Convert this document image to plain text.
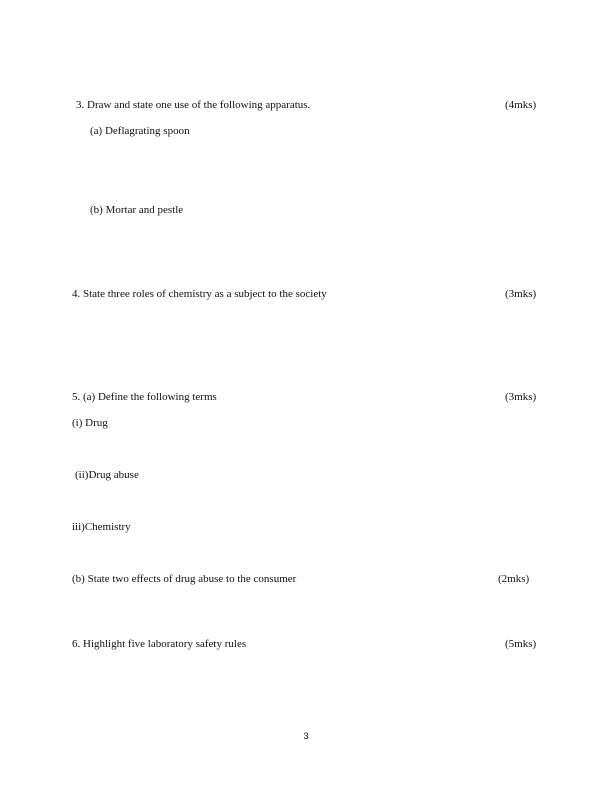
3. Draw and state one use of the following apparatus.	(4mks)
(a) Deflagrating spoon
(b) Mortar and pestle
4. State three roles of chemistry as a subject to the society	(3mks)
5. (a) Define the following terms	(3mks)
(i) Drug
(ii)Drug abuse
iii)Chemistry
(b) State two effects of drug abuse to the consumer	(2mks)
6. Highlight five laboratory safety rules	(5mks)
3
